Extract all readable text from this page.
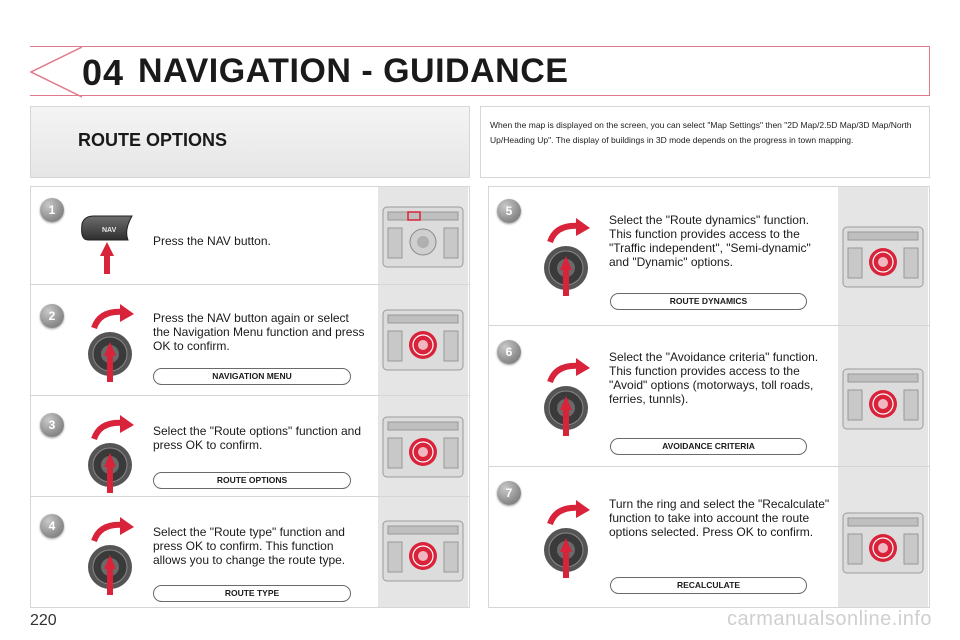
04 NAVIGATION - GUIDANCE
ROUTE OPTIONS
When the map is displayed on the screen, you can select "Map Settings" then "2D Map/2.5D Map/3D Map/North Up/Heading Up". The display of buildings in 3D mode depends on the progress in town mapping.
1
2
3
4
5
6
7
NAV
Press the NAV button.
Press the NAV button again or select the Navigation Menu function and press OK to confirm.
Select the "Route options" function and press OK to confirm.
Select the "Route type" function and press OK to confirm. This function allows you to change the route type.
Select the "Route dynamics" function. This function provides access to the "Traffic independent", "Semi-dynamic" and "Dynamic" options.
Select the "Avoidance criteria" function. This function provides access to the "Avoid" options (motorways, toll roads, ferries, tunnls).
Turn the ring and select the "Recalculate" function to take into account the route options selected. Press OK to confirm.
NAVIGATION MENU
ROUTE OPTIONS
ROUTE TYPE
ROUTE DYNAMICS
AVOIDANCE CRITERIA
RECALCULATE
220	carmanualsonline.info
